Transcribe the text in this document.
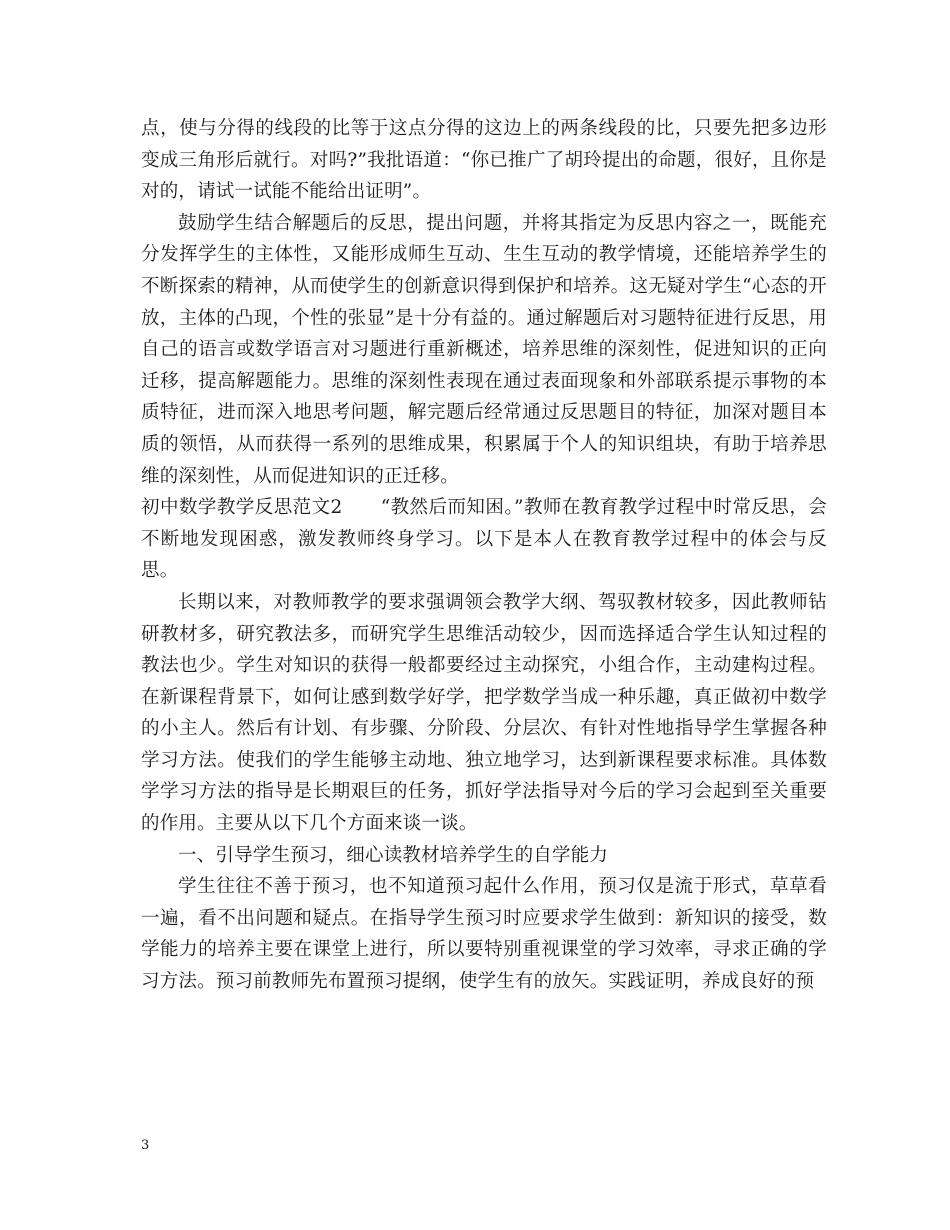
点，使与分得的线段的比等于这点分得的这边上的两条线段的比，只要先把多边形变成三角形后就行。对吗?”我批语道：“你已推广了胡玲提出的命题，很好，且你是对的，请试一试能不能给出证明”。

鼓励学生结合解题后的反思，提出问题，并将其指定为反思内容之一，既能充分发挥学生的主体性，又能形成师生互动、生生互动的教学情境，还能培养学生的不断探索的精神，从而使学生的创新意识得到保护和培养。这无疑对学生“心态的开放，主体的凸现，个性的张显”是十分有益的。通过解题后对习题特征进行反思，用自己的语言或数学语言对习题进行重新概述，培养思维的深刻性，促进知识的正向迁移，提高解题能力。思维的深刻性表现在通过表面现象和外部联系提示事物的本质特征，进而深入地思考问题，解完题后经常通过反思题目的特征，加深对题目本质的领悟，从而获得一系列的思维成果，积累属于个人的知识组块，有助于培养思维的深刻性，从而促进知识的正迁移。

初中数学教学反思范文2　　“教然后而知困。”教师在教育教学过程中时常反思，会不断地发现困惑，激发教师终身学习。以下是本人在教育教学过程中的体会与反思。

长期以来，对教师教学的要求强调领会教学大纲、驾驭教材较多，因此教师钻研教材多，研究教法多，而研究学生思维活动较少，因而选择适合学生认知过程的教法也少。学生对知识的获得一般都要经过主动探究，小组合作，主动建构过程。在新课程背景下，如何让感到数学好学，把学数学当成一种乐趣，真正做初中数学的小主人。然后有计划、有步骤、分阶段、分层次、有针对性地指导学生掌握各种学习方法。使我们的学生能够主动地、独立地学习，达到新课程要求标准。具体数学学习方法的指导是长期艰巨的任务，抓好学法指导对今后的学习会起到至关重要的作用。主要从以下几个方面来谈一谈。

一、引导学生预习，细心读教材培养学生的自学能力

学生往往不善于预习，也不知道预习起什么作用，预习仅是流于形式，草草看一遍，看不出问题和疑点。在指导学生预习时应要求学生做到：新知识的接受，数学能力的培养主要在课堂上进行，所以要特别重视课堂的学习效率，寻求正确的学习方法。预习前教师先布置预习提纲，使学生有的放矢。实践证明，养成良好的预

3
